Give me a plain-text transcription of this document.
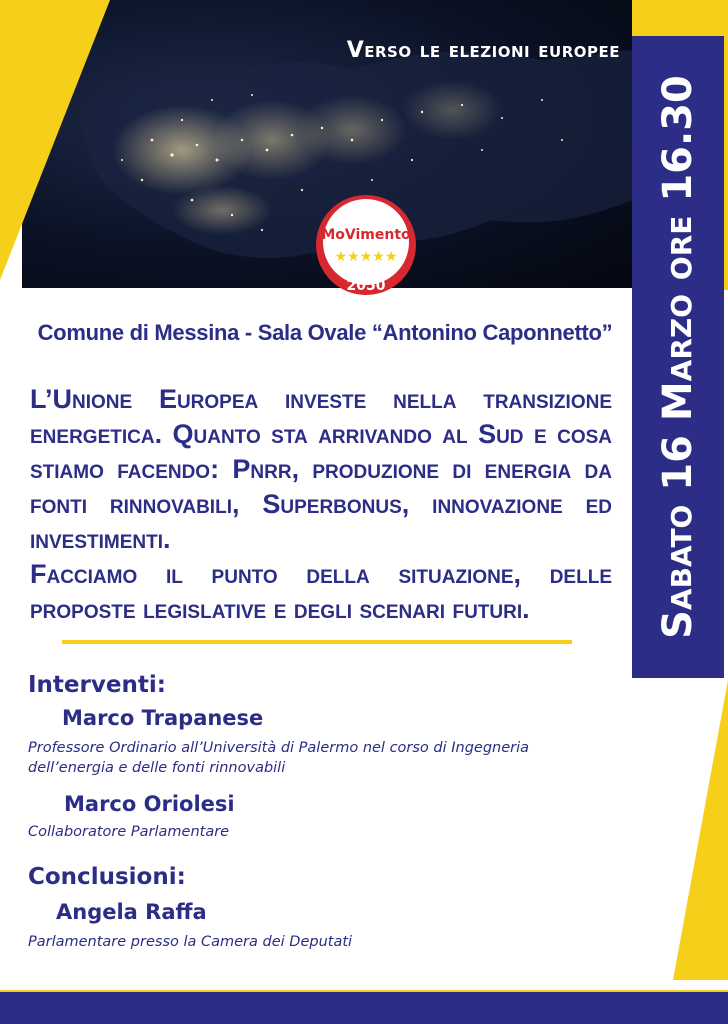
Verso le elezioni europee
MoVimento
★★★★★
2050	Sabato 16 Marzo ore 16.30
Comune di Messina - Sala Ovale “Antonino Caponnetto”

L’Unione Europea investe nella transizione energetica. Quanto sta arrivando al Sud e cosa stiamo facendo: Pnrr, produzione di energia da fonti rinnovabili, Superbonus, innovazione ed investimenti.

Facciamo il punto della situazione, delle proposte legislative e degli scenari futuri.

Interventi:
Marco Trapanese
Professore Ordinario all’Università di Palermo nel corso di Ingegneria dell’energia e delle fonti rinnovabili
Marco Oriolesi
Collaboratore Parlamentare
Conclusioni:
Angela Raffa
Parlamentare presso la Camera dei Deputati
